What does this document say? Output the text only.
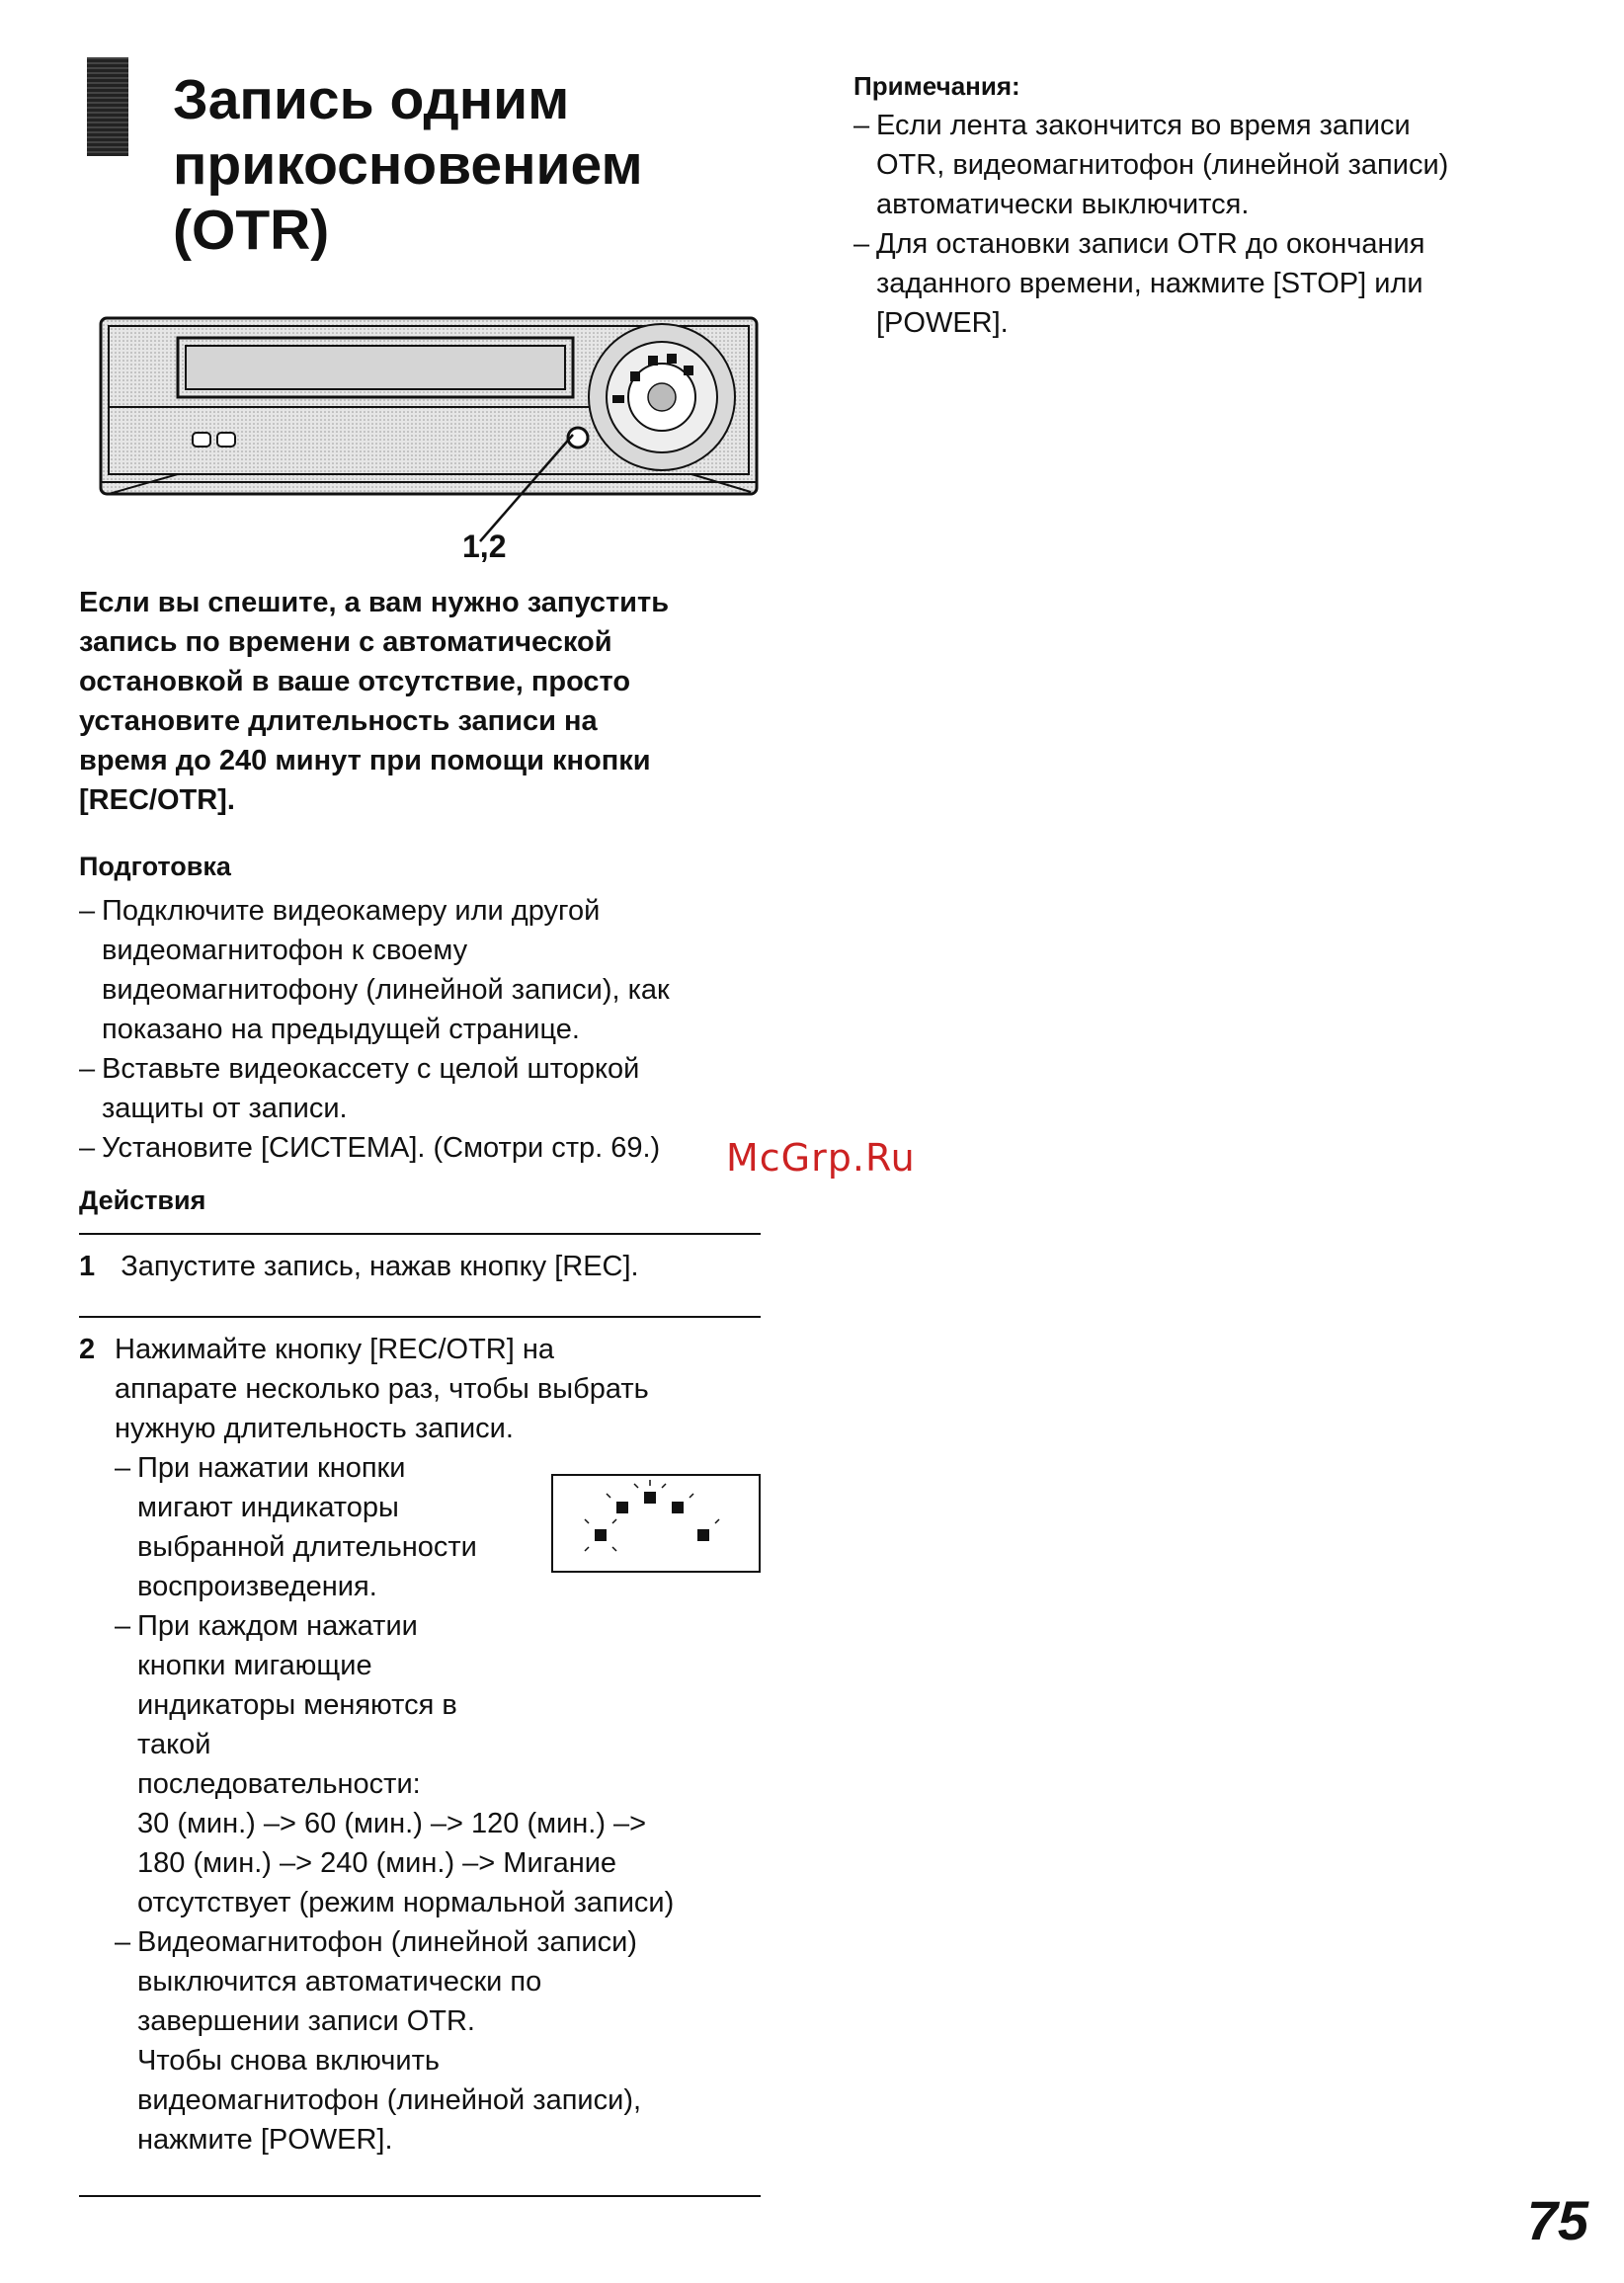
Запись одним
прикосновением
(OTR)
1,2
Если вы спешите, а вам нужно запустить
запись по времени с автоматической
остановкой в ваше отсутствие, просто
установите длительность записи на
время до 240 минут при помощи кнопки
[REC/OTR].
Подготовка
– Подключите видеокамеру или другой
видеомагнитофон к своему
видеомагнитофону (линейной записи), как
показано на предыдущей странице.
– Вставьте видеокассету с целой шторкой
защиты от записи.
– Установите [СИСТЕМА]. (Смотри стр. 69.)
Действия
1 Запустите запись, нажав кнопку [REC].
2 Нажимайте кнопку [REC/OTR] на
аппарате несколько раз, чтобы выбрать
нужную длительность записи.
– При нажатии кнопки
мигают индикаторы
выбранной длительности
воспроизведения.
– При каждом нажатии
кнопки мигающие
индикаторы меняются в
такой
последовательности:
30 (мин.) –> 60 (мин.) –> 120 (мин.) –>
180 (мин.) –> 240 (мин.) –> Мигание
отсутствует (режим нормальной записи)
– Видеомагнитофон (линейной записи)
выключится автоматически по
завершении записи OTR.
Чтобы снова включить
видеомагнитофон (линейной записи),
нажмите [POWER].
Примечания:
– Если лента закончится во время записи
OTR, видеомагнитофон (линейной записи)
автоматически выключится.
– Для остановки записи OTR до окончания
заданного времени, нажмите [STOP] или
[POWER].
McGrp.Ru
75
